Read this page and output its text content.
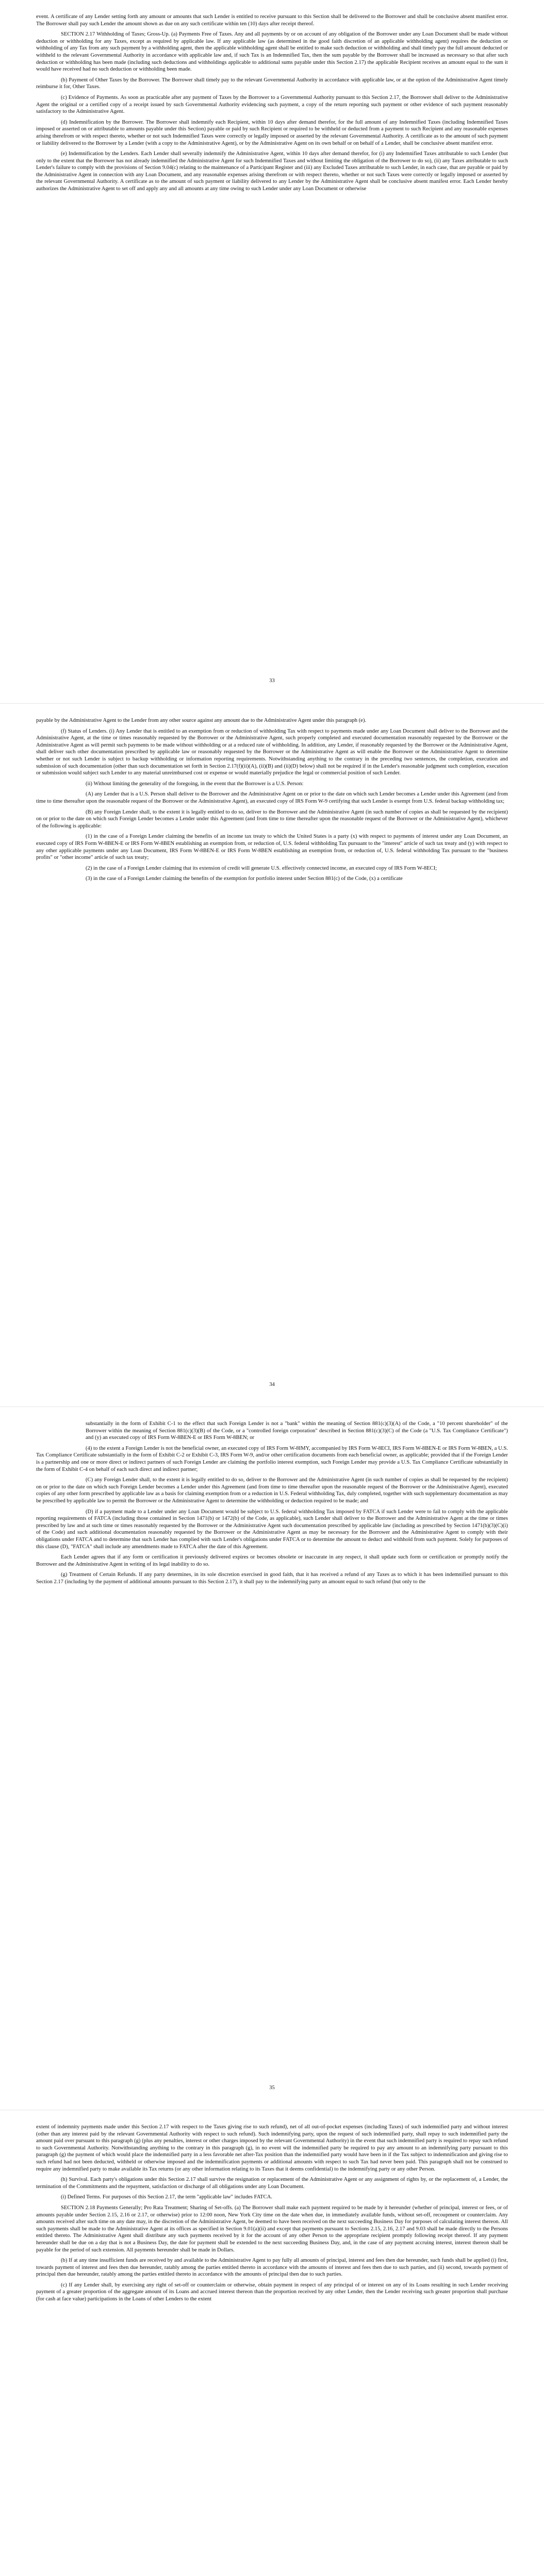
event. A certificate of any Lender setting forth any amount or amounts that such Lender is entitled to receive pursuant to this Section shall be delivered to the Borrower and shall be conclusive absent manifest error. The Borrower shall pay such Lender the amount shown as due on any such certificate within ten (10) days after receipt thereof.

SECTION 2.17 Withholding of Taxes; Gross-Up. (a) Payments Free of Taxes. Any and all payments by or on account of any obligation of the Borrower under any Loan Document shall be made without deduction or withholding for any Taxes, except as required by applicable law. If any applicable law (as determined in the good faith discretion of an applicable withholding agent) requires the deduction or withholding of any Tax from any such payment by a withholding agent, then the applicable withholding agent shall be entitled to make such deduction or withholding and shall timely pay the full amount deducted or withheld to the relevant Governmental Authority in accordance with applicable law and, if such Tax is an Indemnified Tax, then the sum payable by the Borrower shall be increased as necessary so that after such deduction or withholding has been made (including such deductions and withholdings applicable to additional sums payable under this Section 2.17) the applicable Recipient receives an amount equal to the sum it would have received had no such deduction or withholding been made.

(b) Payment of Other Taxes by the Borrower. The Borrower shall timely pay to the relevant Governmental Authority in accordance with applicable law, or at the option of the Administrative Agent timely reimburse it for, Other Taxes.

(c) Evidence of Payments. As soon as practicable after any payment of Taxes by the Borrower to a Governmental Authority pursuant to this Section 2.17, the Borrower shall deliver to the Administrative Agent the original or a certified copy of a receipt issued by such Governmental Authority evidencing such payment, a copy of the return reporting such payment or other evidence of such payment reasonably satisfactory to the Administrative Agent.

(d) Indemnification by the Borrower. The Borrower shall indemnify each Recipient, within 10 days after demand therefor, for the full amount of any Indemnified Taxes (including Indemnified Taxes imposed or asserted on or attributable to amounts payable under this Section) payable or paid by such Recipient or required to be withheld or deducted from a payment to such Recipient and any reasonable expenses arising therefrom or with respect thereto, whether or not such Indemnified Taxes were correctly or legally imposed or asserted by the relevant Governmental Authority. A certificate as to the amount of such payment or liability delivered to the Borrower by a Lender (with a copy to the Administrative Agent), or by the Administrative Agent on its own behalf or on behalf of a Lender, shall be conclusive absent manifest error.

(e) Indemnification by the Lenders. Each Lender shall severally indemnify the Administrative Agent, within 10 days after demand therefor, for (i) any Indemnified Taxes attributable to such Lender (but only to the extent that the Borrower has not already indemnified the Administrative Agent for such Indemnified Taxes and without limiting the obligation of the Borrower to do so), (ii) any Taxes attributable to such Lender's failure to comply with the provisions of Section 9.04(c) relating to the maintenance of a Participant Register and (iii) any Excluded Taxes attributable to such Lender, in each case, that are payable or paid by the Administrative Agent in connection with any Loan Document, and any reasonable expenses arising therefrom or with respect thereto, whether or not such Taxes were correctly or legally imposed or asserted by the relevant Governmental Authority. A certificate as to the amount of such payment or liability delivered to any Lender by the Administrative Agent shall be conclusive absent manifest error. Each Lender hereby authorizes the Administrative Agent to set off and apply any and all amounts at any time owing to such Lender under any Loan Document or otherwise

33

payable by the Administrative Agent to the Lender from any other source against any amount due to the Administrative Agent under this paragraph (e).

(f) Status of Lenders. (i) Any Lender that is entitled to an exemption from or reduction of withholding Tax with respect to payments made under any Loan Document shall deliver to the Borrower and the Administrative Agent, at the time or times reasonably requested by the Borrower or the Administrative Agent, such properly completed and executed documentation reasonably requested by the Borrower or the Administrative Agent as will permit such payments to be made without withholding or at a reduced rate of withholding. In addition, any Lender, if reasonably requested by the Borrower or the Administrative Agent, shall deliver such other documentation prescribed by applicable law or reasonably requested by the Borrower or the Administrative Agent as will enable the Borrower or the Administrative Agent to determine whether or not such Lender is subject to backup withholding or information reporting requirements. Notwithstanding anything to the contrary in the preceding two sentences, the completion, execution and submission of such documentation (other than such documentation set forth in Section 2.17(f)(ii)(A), (ii)(B) and (ii)(D) below) shall not be required if in the Lender's reasonable judgment such completion, execution or submission would subject such Lender to any material unreimbursed cost or expense or would materially prejudice the legal or commercial position of such Lender.

(ii) Without limiting the generality of the foregoing, in the event that the Borrower is a U.S. Person:

(A) any Lender that is a U.S. Person shall deliver to the Borrower and the Administrative Agent on or prior to the date on which such Lender becomes a Lender under this Agreement (and from time to time thereafter upon the reasonable request of the Borrower or the Administrative Agent), an executed copy of IRS Form W-9 certifying that such Lender is exempt from U.S. federal backup withholding tax;

(B) any Foreign Lender shall, to the extent it is legally entitled to do so, deliver to the Borrower and the Administrative Agent (in such number of copies as shall be requested by the recipient) on or prior to the date on which such Foreign Lender becomes a Lender under this Agreement (and from time to time thereafter upon the reasonable request of the Borrower or the Administrative Agent), whichever of the following is applicable:

(1) in the case of a Foreign Lender claiming the benefits of an income tax treaty to which the United States is a party (x) with respect to payments of interest under any Loan Document, an executed copy of IRS Form W-8BEN-E or IRS Form W-8BEN establishing an exemption from, or reduction of, U.S. federal withholding Tax pursuant to the "interest" article of such tax treaty and (y) with respect to any other applicable payments under any Loan Document, IRS Form W-8BEN-E or IRS Form W-8BEN establishing an exemption from, or reduction of, U.S. federal withholding Tax pursuant to the "business profits" or "other income" article of such tax treaty;

(2) in the case of a Foreign Lender claiming that its extension of credit will generate U.S. effectively connected income, an executed copy of IRS Form W-8ECI;

(3) in the case of a Foreign Lender claiming the benefits of the exemption for portfolio interest under Section 881(c) of the Code, (x) a certificate

34

substantially in the form of Exhibit C-1 to the effect that such Foreign Lender is not a "bank" within the meaning of Section 881(c)(3)(A) of the Code, a "10 percent shareholder" of the Borrower within the meaning of Section 881(c)(3)(B) of the Code, or a "controlled foreign corporation" described in Section 881(c)(3)(C) of the Code (a "U.S. Tax Compliance Certificate") and (y) an executed copy of IRS Form W-8BEN-E or IRS Form W-8BEN; or

(4) to the extent a Foreign Lender is not the beneficial owner, an executed copy of IRS Form W-8IMY, accompanied by IRS Form W-8ECI, IRS Form W-8BEN-E or IRS Form W-8BEN, a U.S. Tax Compliance Certificate substantially in the form of Exhibit C-2 or Exhibit C-3, IRS Form W-9, and/or other certification documents from each beneficial owner, as applicable; provided that if the Foreign Lender is a partnership and one or more direct or indirect partners of such Foreign Lender are claiming the portfolio interest exemption, such Foreign Lender may provide a U.S. Tax Compliance Certificate substantially in the form of Exhibit C-4 on behalf of each such direct and indirect partner;

(C) any Foreign Lender shall, to the extent it is legally entitled to do so, deliver to the Borrower and the Administrative Agent (in such number of copies as shall be requested by the recipient) on or prior to the date on which such Foreign Lender becomes a Lender under this Agreement (and from time to time thereafter upon the reasonable request of the Borrower or the Administrative Agent), executed copies of any other form prescribed by applicable law as a basis for claiming exemption from or a reduction in U.S. Federal withholding Tax, duly completed, together with such supplementary documentation as may be prescribed by applicable law to permit the Borrower or the Administrative Agent to determine the withholding or deduction required to be made; and

(D) if a payment made to a Lender under any Loan Document would be subject to U.S. federal withholding Tax imposed by FATCA if such Lender were to fail to comply with the applicable reporting requirements of FATCA (including those contained in Section 1471(b) or 1472(b) of the Code, as applicable), such Lender shall deliver to the Borrower and the Administrative Agent at the time or times prescribed by law and at such time or times reasonably requested by the Borrower or the Administrative Agent such documentation prescribed by applicable law (including as prescribed by Section 1471(b)(3)(C)(i) of the Code) and such additional documentation reasonably requested by the Borrower or the Administrative Agent as may be necessary for the Borrower and the Administrative Agent to comply with their obligations under FATCA and to determine that such Lender has complied with such Lender's obligations under FATCA or to determine the amount to deduct and withhold from such payment. Solely for purposes of this clause (D), "FATCA" shall include any amendments made to FATCA after the date of this Agreement.

Each Lender agrees that if any form or certification it previously delivered expires or becomes obsolete or inaccurate in any respect, it shall update such form or certification or promptly notify the Borrower and the Administrative Agent in writing of its legal inability to do so.

(g) Treatment of Certain Refunds. If any party determines, in its sole discretion exercised in good faith, that it has received a refund of any Taxes as to which it has been indemnified pursuant to this Section 2.17 (including by the payment of additional amounts pursuant to this Section 2.17), it shall pay to the indemnifying party an amount equal to such refund (but only to the

35

extent of indemnity payments made under this Section 2.17 with respect to the Taxes giving rise to such refund), net of all out-of-pocket expenses (including Taxes) of such indemnified party and without interest (other than any interest paid by the relevant Governmental Authority with respect to such refund). Such indemnifying party, upon the request of such indemnified party, shall repay to such indemnified party the amount paid over pursuant to this paragraph (g) (plus any penalties, interest or other charges imposed by the relevant Governmental Authority) in the event that such indemnified party is required to repay such refund to such Governmental Authority. Notwithstanding anything to the contrary in this paragraph (g), in no event will the indemnified party be required to pay any amount to an indemnifying party pursuant to this paragraph (g) the payment of which would place the indemnified party in a less favorable net after-Tax position than the indemnified party would have been in if the Tax subject to indemnification and giving rise to such refund had not been deducted, withheld or otherwise imposed and the indemnification payments or additional amounts with respect to such Tax had never been paid. This paragraph shall not be construed to require any indemnified party to make available its Tax returns (or any other information relating to its Taxes that it deems confidential) to the indemnifying party or any other Person.

(h) Survival. Each party's obligations under this Section 2.17 shall survive the resignation or replacement of the Administrative Agent or any assignment of rights by, or the replacement of, a Lender, the termination of the Commitments and the repayment, satisfaction or discharge of all obligations under any Loan Document.

(i) Defined Terms. For purposes of this Section 2.17, the term "applicable law" includes FATCA.

SECTION 2.18 Payments Generally; Pro Rata Treatment; Sharing of Set-offs. (a) The Borrower shall make each payment required to be made by it hereunder (whether of principal, interest or fees, or of amounts payable under Section 2.15, 2.16 or 2.17, or otherwise) prior to 12:00 noon, New York City time on the date when due, in immediately available funds, without set-off, recoupment or counterclaim. Any amounts received after such time on any date may, in the discretion of the Administrative Agent, be deemed to have been received on the next succeeding Business Day for purposes of calculating interest thereon. All such payments shall be made to the Administrative Agent at its offices as specified in Section 9.01(a)(ii) and except that payments pursuant to Sections 2.15, 2.16, 2.17 and 9.03 shall be made directly to the Persons entitled thereto. The Administrative Agent shall distribute any such payments received by it for the account of any other Person to the appropriate recipient promptly following receipt thereof. If any payment hereunder shall be due on a day that is not a Business Day, the date for payment shall be extended to the next succeeding Business Day, and, in the case of any payment accruing interest, interest thereon shall be payable for the period of such extension. All payments hereunder shall be made in Dollars.

(b) If at any time insufficient funds are received by and available to the Administrative Agent to pay fully all amounts of principal, interest and fees then due hereunder, such funds shall be applied (i) first, towards payment of interest and fees then due hereunder, ratably among the parties entitled thereto in accordance with the amounts of interest and fees then due to such parties, and (ii) second, towards payment of principal then due hereunder, ratably among the parties entitled thereto in accordance with the amounts of principal then due to such parties.

(c) If any Lender shall, by exercising any right of set-off or counterclaim or otherwise, obtain payment in respect of any principal of or interest on any of its Loans resulting in such Lender receiving payment of a greater proportion of the aggregate amount of its Loans and accrued interest thereon than the proportion received by any other Lender, then the Lender receiving such greater proportion shall purchase (for cash at face value) participations in the Loans of other Lenders to the extent
